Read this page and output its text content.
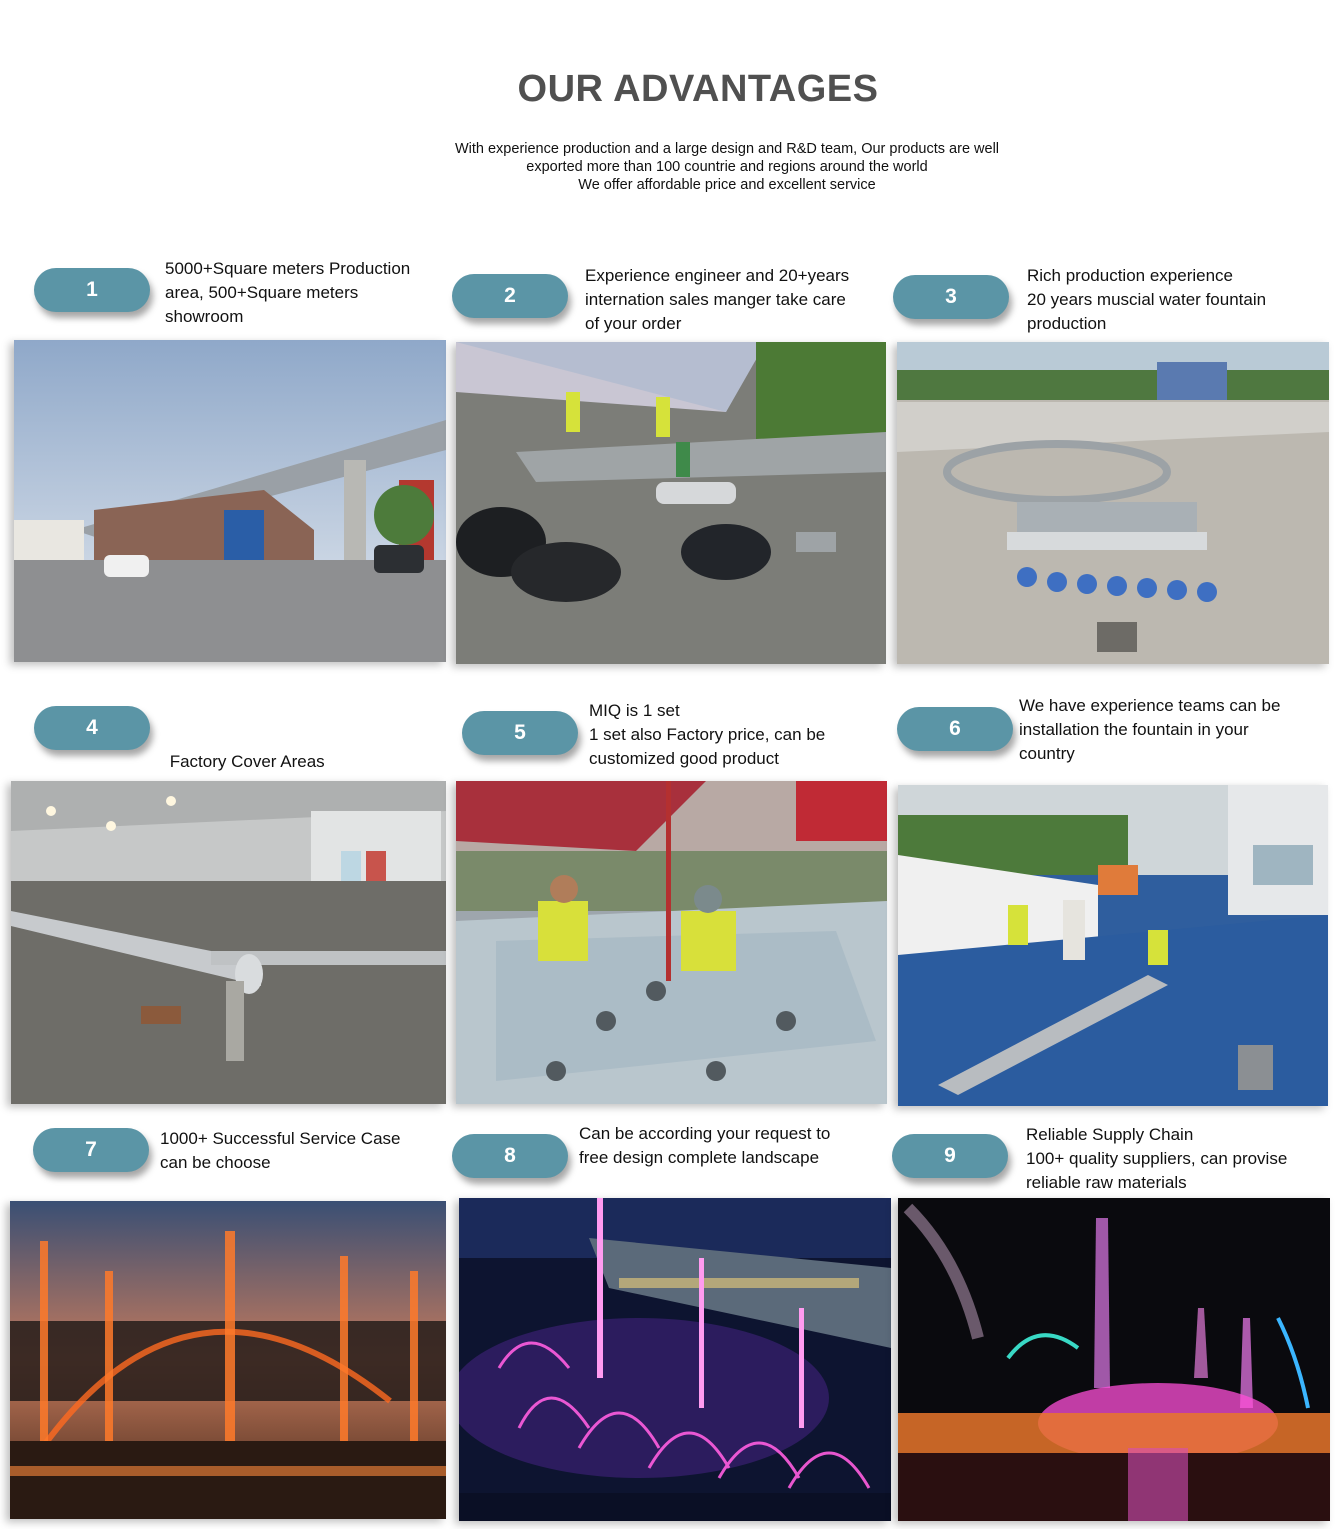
OUR ADVANTAGES
With experience production and a large design and R&D team, Our products are well
exported more than 100 countrie and regions around the world
We offer affordable price and excellent service
1
5000+Square meters Production
area, 500+Square meters
showroom
2
Experience engineer and 20+years
internation sales manger take care
of your order
3
Rich production experience
20 years muscial water fountain
production
4

Factory Cover Areas

5
MIQ is 1 set
1 set also Factory price, can be
customized good product
6
We have experience teams can be
installation the fountain in your
country
7	1000+ Successful Service Case
can be choose	8
Can be according your request to
free design complete landscape	9
Reliable Supply Chain
100+ quality suppliers, can provise
reliable raw materials
